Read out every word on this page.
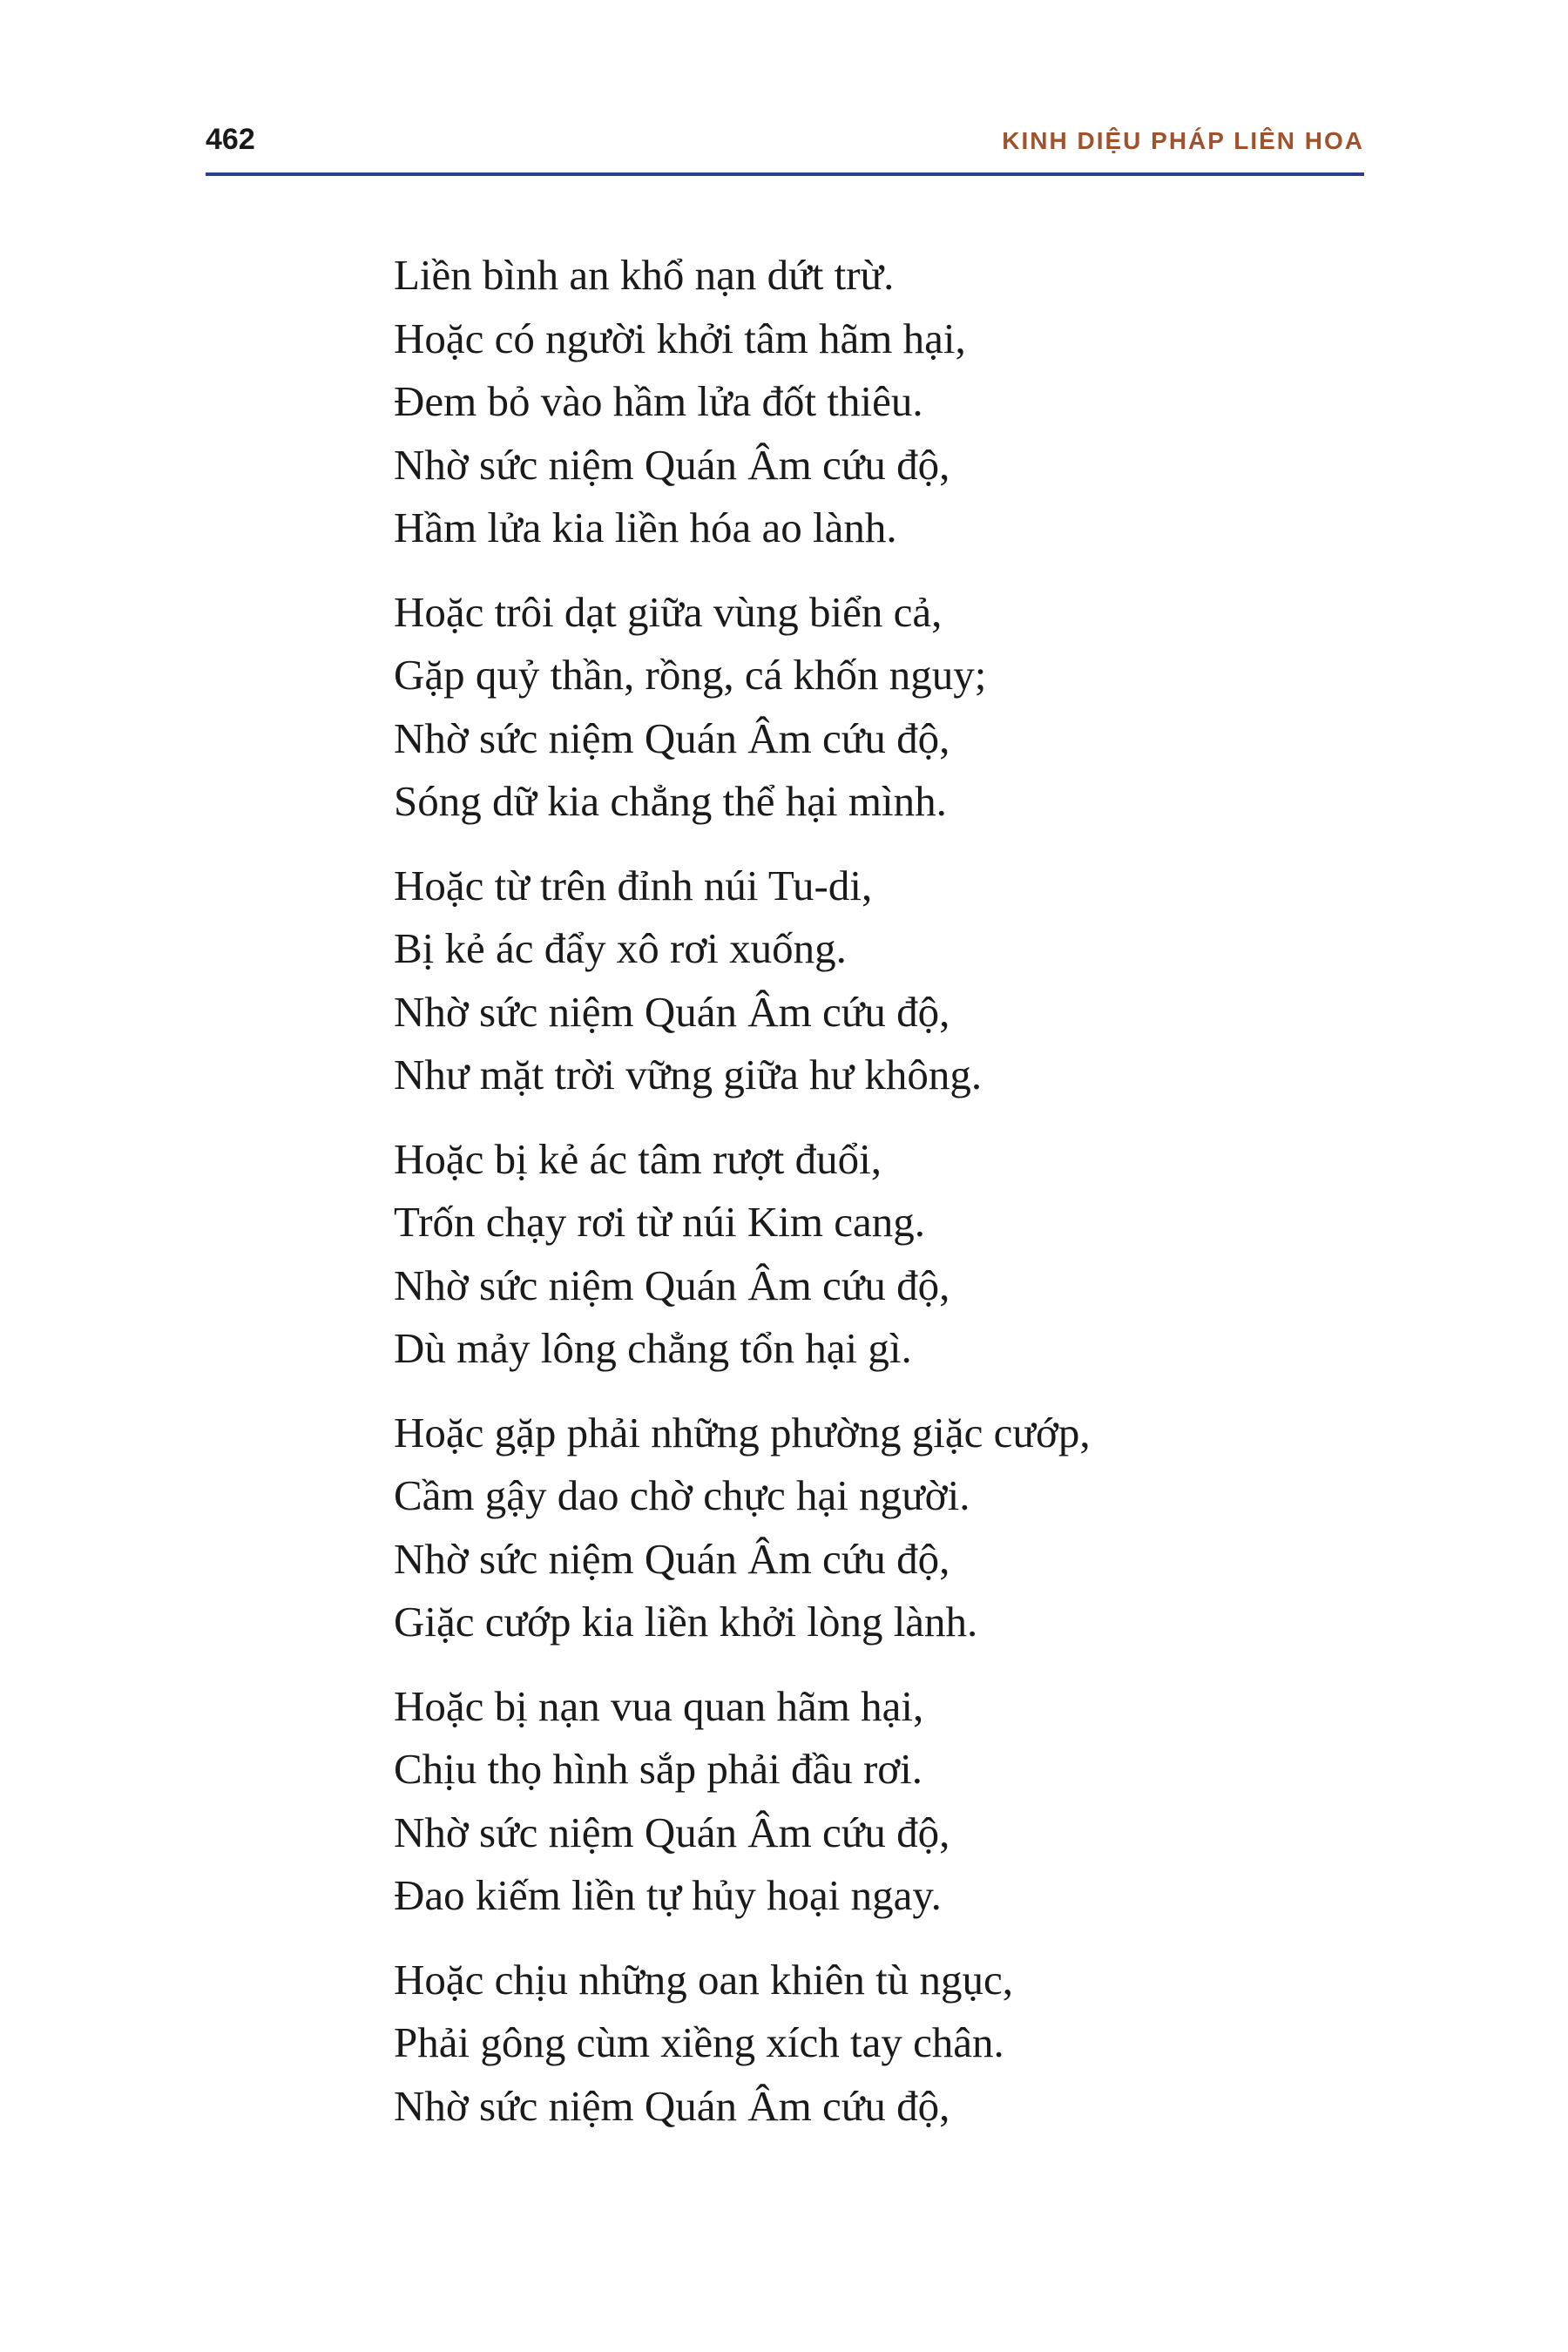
462	KINH DIỆU PHÁP LIÊN HOA
Liền bình an khổ nạn dứt trừ.
Hoặc có người khởi tâm hãm hại,
Đem bỏ vào hầm lửa đốt thiêu.
Nhờ sức niệm Quán Âm cứu độ,
Hầm lửa kia liền hóa ao lành.
Hoặc trôi dạt giữa vùng biển cả,
Gặp quỷ thần, rồng, cá khốn nguy;
Nhờ sức niệm Quán Âm cứu độ,
Sóng dữ kia chẳng thể hại mình.
Hoặc từ trên đỉnh núi Tu-di,
Bị kẻ ác đẩy xô rơi xuống.
Nhờ sức niệm Quán Âm cứu độ,
Như mặt trời vững giữa hư không.
Hoặc bị kẻ ác tâm rượt đuổi,
Trốn chạy rơi từ núi Kim cang.
Nhờ sức niệm Quán Âm cứu độ,
Dù mảy lông chẳng tổn hại gì.
Hoặc gặp phải những phường giặc cướp,
Cầm gậy dao chờ chực hại người.
Nhờ sức niệm Quán Âm cứu độ,
Giặc cướp kia liền khởi lòng lành.
Hoặc bị nạn vua quan hãm hại,
Chịu thọ hình sắp phải đầu rơi.
Nhờ sức niệm Quán Âm cứu độ,
Đao kiếm liền tự hủy hoại ngay.
Hoặc chịu những oan khiên tù ngục,
Phải gông cùm xiềng xích tay chân.
Nhờ sức niệm Quán Âm cứu độ,
